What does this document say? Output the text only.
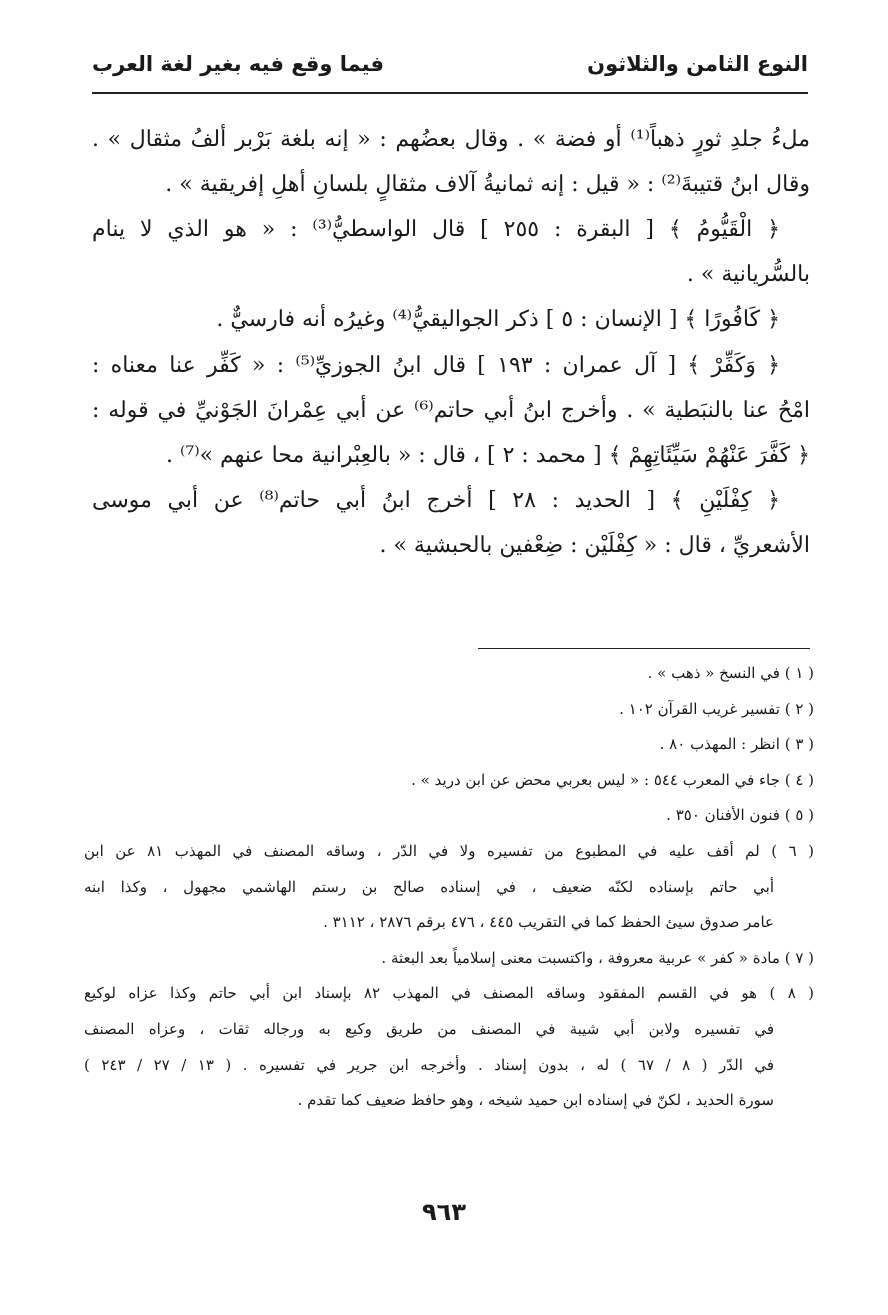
النوع الثامن والثلاثون
فيما وقع فيه بغير لغة العرب
ملءُ جلدِ ثورٍ ذهباً⁽¹⁾ أو فضة » . وقال بعضُهم : « إنه بلغة بَرْبر ألفُ مثقال » .
وقال ابنُ قتيبةَ⁽²⁾ : « قيل : إنه ثمانيةُ آلاف مثقالٍ بلسانِ أهلِ إفريقية » .
﴿ الْقَيُّومُ ﴾ [ البقرة : ٢٥٥ ] قال الواسطيُّ⁽³⁾ : « هو الذي لا ينام
بالسُّريانية » .
﴿ كَافُورًا ﴾ [ الإنسان : ٥ ] ذكر الجواليقيُّ⁽⁴⁾ وغيرُه أنه فارسيٌّ .
﴿ وَكَفِّرْ ﴾ [ آل عمران : ١٩٣ ] قال ابنُ الجوزيِّ⁽⁵⁾ : « كَفِّر عنا معناه :
امْحُ عنا بالنبَطية » . وأخرج ابنُ أبي حاتم⁽⁶⁾ عن أبي عِمْرانَ الجَوْنيِّ في قوله :
﴿ كَفَّرَ عَنْهُمْ سَيِّئَاتِهِمْ ﴾ [ محمد : ٢ ] ، قال : « بالعِبْرانية محا عنهم »⁽⁷⁾ .
﴿ كِفْلَيْنِ ﴾ [ الحديد : ٢٨ ] أخرج ابنُ أبي حاتم⁽⁸⁾ عن أبي موسى
الأشعريِّ ، قال : « كِفْلَيْن : ضِعْفين بالحبشية » .
( ١ ) في النسخ « ذهب » .
( ٢ ) تفسير غريب القرآن ١٠٢ .
( ٣ ) انظر : المهذب ٨٠ .
( ٤ ) جاء في المعرب ٥٤٤ : « ليس بعربي محض عن ابن دريد » .
( ٥ ) فنون الأفنان ٣٥٠ .
( ٦ ) لم أقف عليه في المطبوع من تفسيره ولا في الدّر ، وساقه المصنف في المهذب ٨١ عن ابن
أبي حاتم بإسناده لكنّه ضعيف ، في إسناده صالح بن رستم الهاشمي مجهول ، وكذا ابنه
عامر صدوق سيئ الحفظ كما في التقريب ٤٤٥ ، ٤٧٦ برقم ٢٨٧٦ ، ٣١١٢ .
( ٧ ) مادة « كفر » عربية معروفة ، واكتسبت معنى إسلامياً بعد البعثة .
( ٨ ) هو في القسم المفقود وساقه المصنف في المهذب ٨٢ بإسناد ابن أبي حاتم وكذا عزاه لوكيع
في تفسيره ولابن أبي شيبة في المصنف من طريق وكيع به ورجاله ثقات ، وعزاه المصنف
في الدّر ( ٨ / ٦٧ ) له ، بدون إسناد . وأخرجه ابن جرير في تفسيره . ( ١٣ / ٢٧ / ٢٤٣ )
سورة الحديد ، لكنّ في إسناده ابن حميد شيخه ، وهو حافظ ضعيف كما تقدم .
٩٦٣
